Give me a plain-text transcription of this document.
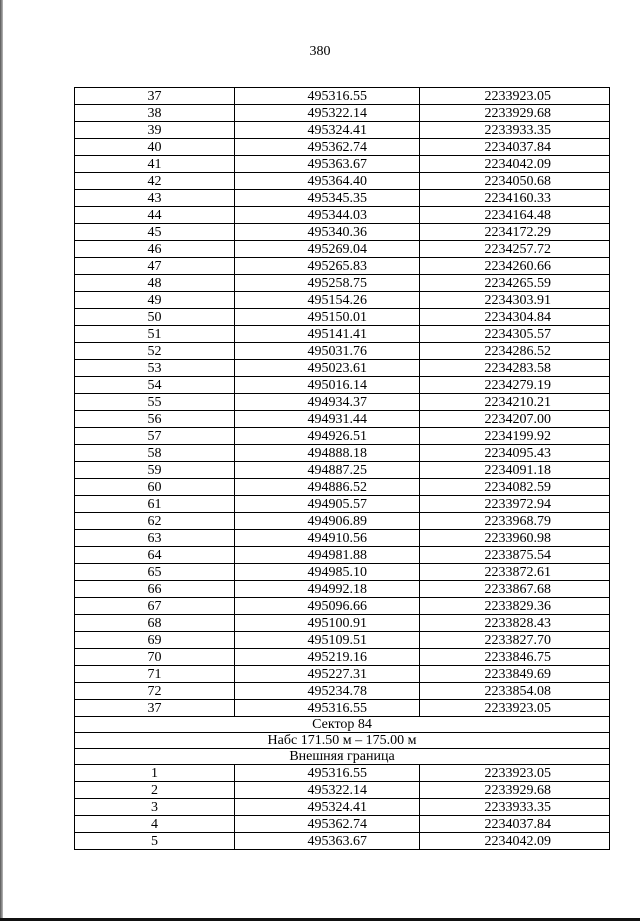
380
37	495316.55	2233923.05
38	495322.14	2233929.68
39	495324.41	2233933.35
40	495362.74	2234037.84
41	495363.67	2234042.09
42	495364.40	2234050.68
43	495345.35	2234160.33
44	495344.03	2234164.48
45	495340.36	2234172.29
46	495269.04	2234257.72
47	495265.83	2234260.66
48	495258.75	2234265.59
49	495154.26	2234303.91
50	495150.01	2234304.84
51	495141.41	2234305.57
52	495031.76	2234286.52
53	495023.61	2234283.58
54	495016.14	2234279.19
55	494934.37	2234210.21
56	494931.44	2234207.00
57	494926.51	2234199.92
58	494888.18	2234095.43
59	494887.25	2234091.18
60	494886.52	2234082.59
61	494905.57	2233972.94
62	494906.89	2233968.79
63	494910.56	2233960.98
64	494981.88	2233875.54
65	494985.10	2233872.61
66	494992.18	2233867.68
67	495096.66	2233829.36
68	495100.91	2233828.43
69	495109.51	2233827.70
70	495219.16	2233846.75
71	495227.31	2233849.69
72	495234.78	2233854.08
37	495316.55	2233923.05
Сектор 84		
Набс 171.50 м – 175.00 м		
Внешняя граница		
1	495316.55	2233923.05
2	495322.14	2233929.68
3	495324.41	2233933.35
4	495362.74	2234037.84
5	495363.67	2234042.09
